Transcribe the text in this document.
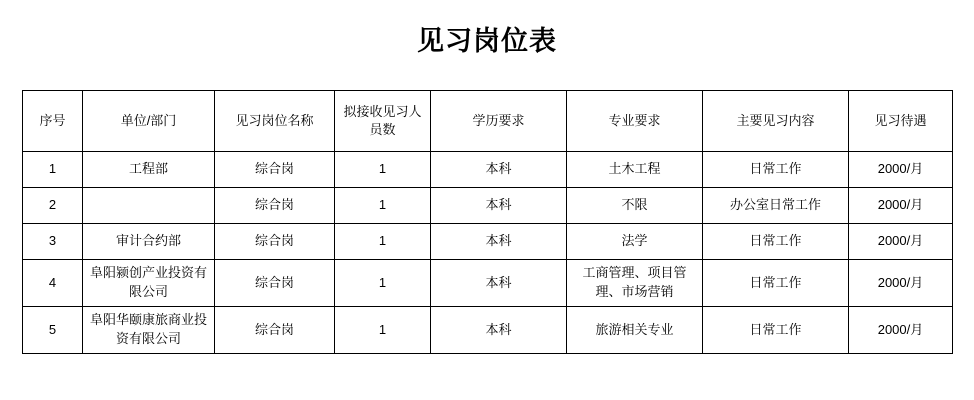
见习岗位表
序号	单位/部门	见习岗位名称	拟接收见习人员数	学历要求	专业要求	主要见习内容	见习待遇
1	工程部	综合岗	1	本科	土木工程	日常工作	2000/月
2		综合岗	1	本科	不限	办公室日常工作	2000/月
3	审计合约部	综合岗	1	本科	法学	日常工作	2000/月
4	阜阳颍创产业投资有限公司	综合岗	1	本科	工商管理、项目管理、市场营销	日常工作	2000/月
5	阜阳华颐康旅商业投资有限公司	综合岗	1	本科	旅游相关专业	日常工作	2000/月
